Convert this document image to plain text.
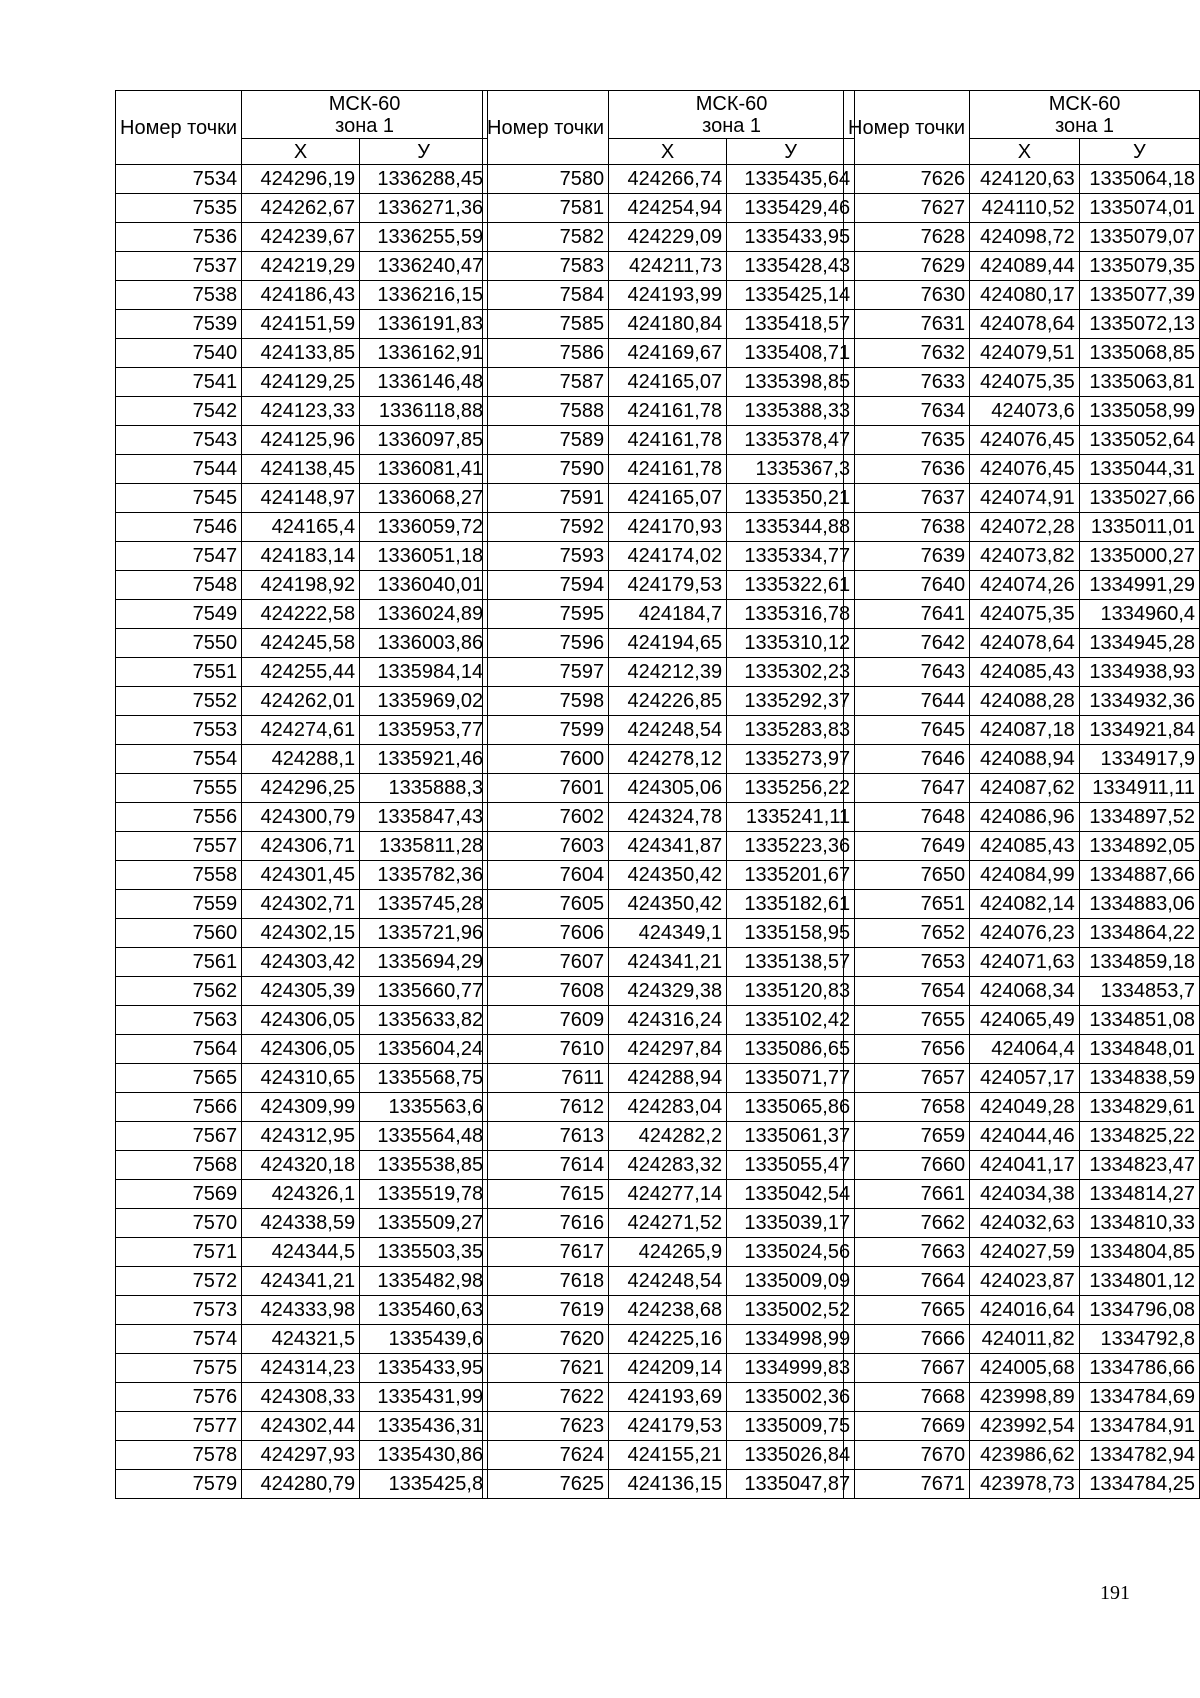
Номер точки	МСК-60
зона 1	

	Х	У
7534	424296,19	1336288,45
7535	424262,67	1336271,36
7536	424239,67	1336255,59
7537	424219,29	1336240,47
7538	424186,43	1336216,15
7539	424151,59	1336191,83
7540	424133,85	1336162,91
7541	424129,25	1336146,48
7542	424123,33	1336118,88
7543	424125,96	1336097,85
7544	424138,45	1336081,41
7545	424148,97	1336068,27
7546	424165,4	1336059,72
7547	424183,14	1336051,18
7548	424198,92	1336040,01
7549	424222,58	1336024,89
7550	424245,58	1336003,86
7551	424255,44	1335984,14
7552	424262,01	1335969,02
7553	424274,61	1335953,77
7554	424288,1	1335921,46
7555	424296,25	1335888,3
7556	424300,79	1335847,43
7557	424306,71	1335811,28
7558	424301,45	1335782,36
7559	424302,71	1335745,28
7560	424302,15	1335721,96
7561	424303,42	1335694,29
7562	424305,39	1335660,77
7563	424306,05	1335633,82
7564	424306,05	1335604,24
7565	424310,65	1335568,75
7566	424309,99	1335563,6
7567	424312,95	1335564,48
7568	424320,18	1335538,85
7569	424326,1	1335519,78
7570	424338,59	1335509,27
7571	424344,5	1335503,35
7572	424341,21	1335482,98
7573	424333,98	1335460,63
7574	424321,5	1335439,6
7575	424314,23	1335433,95
7576	424308,33	1335431,99
7577	424302,44	1335436,31
7578	424297,93	1335430,86
7579	424280,79	1335425,8
Номер точки	МСК-60
зона 1	

	Х	У
7580	424266,74	1335435,64
7581	424254,94	1335429,46
7582	424229,09	1335433,95
7583	424211,73	1335428,43
7584	424193,99	1335425,14
7585	424180,84	1335418,57
7586	424169,67	1335408,71
7587	424165,07	1335398,85
7588	424161,78	1335388,33
7589	424161,78	1335378,47
7590	424161,78	1335367,3
7591	424165,07	1335350,21
7592	424170,93	1335344,88
7593	424174,02	1335334,77
7594	424179,53	1335322,61
7595	424184,7	1335316,78
7596	424194,65	1335310,12
7597	424212,39	1335302,23
7598	424226,85	1335292,37
7599	424248,54	1335283,83
7600	424278,12	1335273,97
7601	424305,06	1335256,22
7602	424324,78	1335241,11
7603	424341,87	1335223,36
7604	424350,42	1335201,67
7605	424350,42	1335182,61
7606	424349,1	1335158,95
7607	424341,21	1335138,57
7608	424329,38	1335120,83
7609	424316,24	1335102,42
7610	424297,84	1335086,65
7611	424288,94	1335071,77
7612	424283,04	1335065,86
7613	424282,2	1335061,37
7614	424283,32	1335055,47
7615	424277,14	1335042,54
7616	424271,52	1335039,17
7617	424265,9	1335024,56
7618	424248,54	1335009,09
7619	424238,68	1335002,52
7620	424225,16	1334998,99
7621	424209,14	1334999,83
7622	424193,69	1335002,36
7623	424179,53	1335009,75
7624	424155,21	1335026,84
7625	424136,15	1335047,87
Номер точки	МСК-60
зона 1	

	Х	У
7626	424120,63	1335064,18
7627	424110,52	1335074,01
7628	424098,72	1335079,07
7629	424089,44	1335079,35
7630	424080,17	1335077,39
7631	424078,64	1335072,13
7632	424079,51	1335068,85
7633	424075,35	1335063,81
7634	424073,6	1335058,99
7635	424076,45	1335052,64
7636	424076,45	1335044,31
7637	424074,91	1335027,66
7638	424072,28	1335011,01
7639	424073,82	1335000,27
7640	424074,26	1334991,29
7641	424075,35	1334960,4
7642	424078,64	1334945,28
7643	424085,43	1334938,93
7644	424088,28	1334932,36
7645	424087,18	1334921,84
7646	424088,94	1334917,9
7647	424087,62	1334911,11
7648	424086,96	1334897,52
7649	424085,43	1334892,05
7650	424084,99	1334887,66
7651	424082,14	1334883,06
7652	424076,23	1334864,22
7653	424071,63	1334859,18
7654	424068,34	1334853,7
7655	424065,49	1334851,08
7656	424064,4	1334848,01
7657	424057,17	1334838,59
7658	424049,28	1334829,61
7659	424044,46	1334825,22
7660	424041,17	1334823,47
7661	424034,38	1334814,27
7662	424032,63	1334810,33
7663	424027,59	1334804,85
7664	424023,87	1334801,12
7665	424016,64	1334796,08
7666	424011,82	1334792,8
7667	424005,68	1334786,66
7668	423998,89	1334784,69
7669	423992,54	1334784,91
7670	423986,62	1334782,94
7671	423978,73	1334784,25
191
